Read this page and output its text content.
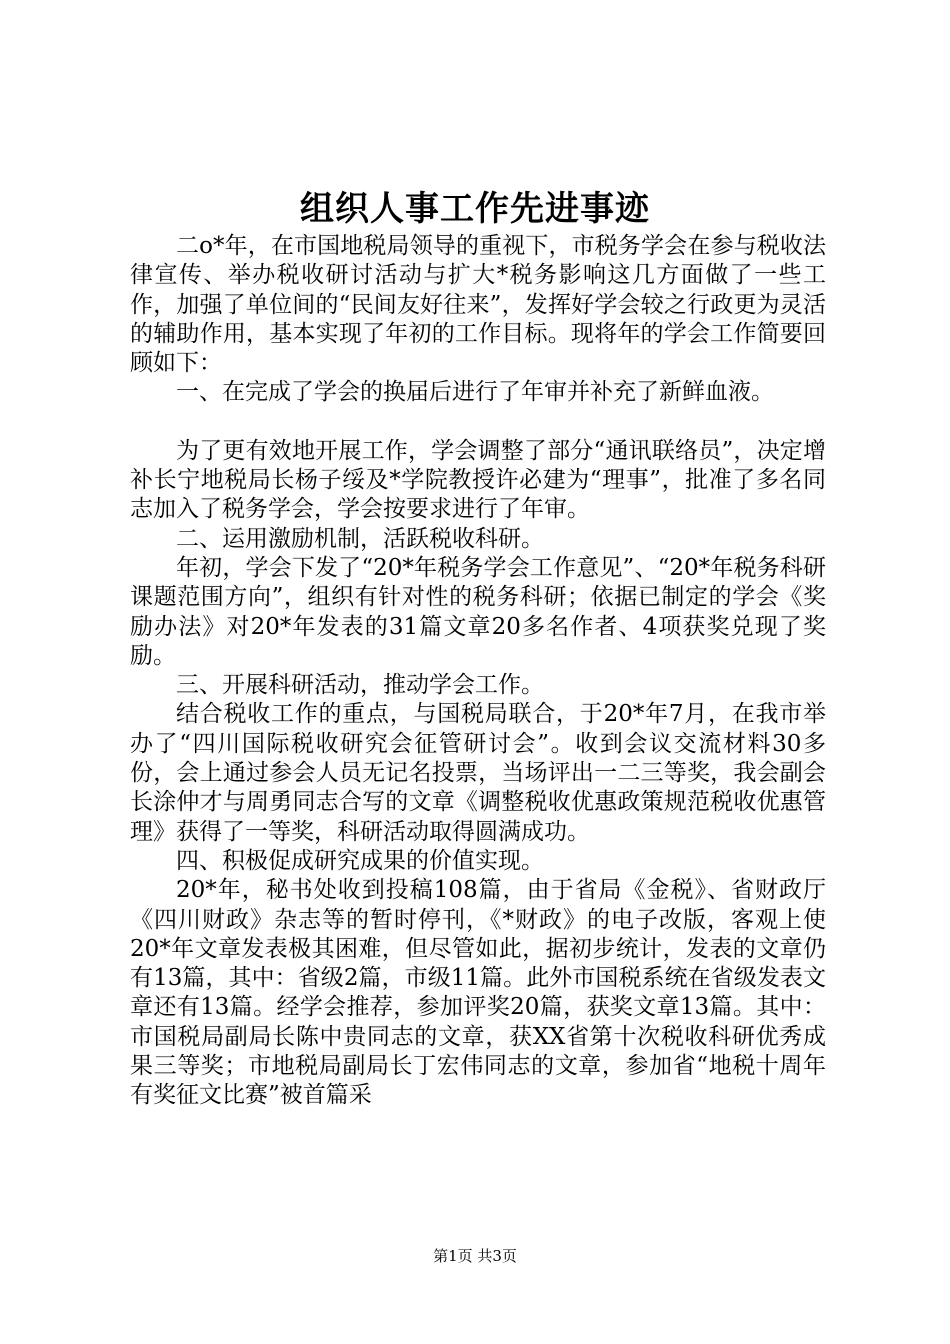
组织人事工作先进事迹

二o*年，在市国地税局领导的重视下，市税务学会在参与税收法律宣传、举办税收研讨活动与扩大*税务影响这几方面做了一些工作，加强了单位间的“民间友好往来”，发挥好学会较之行政更为灵活的辅助作用，基本实现了年初的工作目标。现将年的学会工作简要回顾如下：

一、在完成了学会的换届后进行了年审并补充了新鲜血液。

为了更有效地开展工作，学会调整了部分“通讯联络员”，决定增补长宁地税局长杨子绥及*学院教授许必建为“理事”，批准了多名同志加入了税务学会，学会按要求进行了年审。

二、运用激励机制，活跃税收科研。

年初，学会下发了“20*年税务学会工作意见”、“20*年税务科研课题范围方向”，组织有针对性的税务科研；依据已制定的学会《奖励办法》对20*年发表的31篇文章20多名作者、4项获奖兑现了奖励。

三、开展科研活动，推动学会工作。

结合税收工作的重点，与国税局联合，于20*年7月，在我市举办了“四川国际税收研究会征管研讨会”。收到会议交流材料30多份，会上通过参会人员无记名投票，当场评出一二三等奖，我会副会长涂仲才与周勇同志合写的文章《调整税收优惠政策规范税收优惠管理》获得了一等奖，科研活动取得圆满成功。

四、积极促成研究成果的价值实现。

20*年，秘书处收到投稿108篇，由于省局《金税》、省财政厅《四川财政》杂志等的暂时停刊，《*财政》的电子改版，客观上使20*年文章发表极其困难，但尽管如此，据初步统计，发表的文章仍有13篇，其中：省级2篇，市级11篇。此外市国税系统在省级发表文章还有13篇。经学会推荐，参加评奖20篇，获奖文章13篇。其中：市国税局副局长陈中贵同志的文章，获XX省第十次税收科研优秀成果三等奖；市地税局副局长丁宏伟同志的文章，参加省“地税十周年有奖征文比赛”被首篇采

第1页 共3页
